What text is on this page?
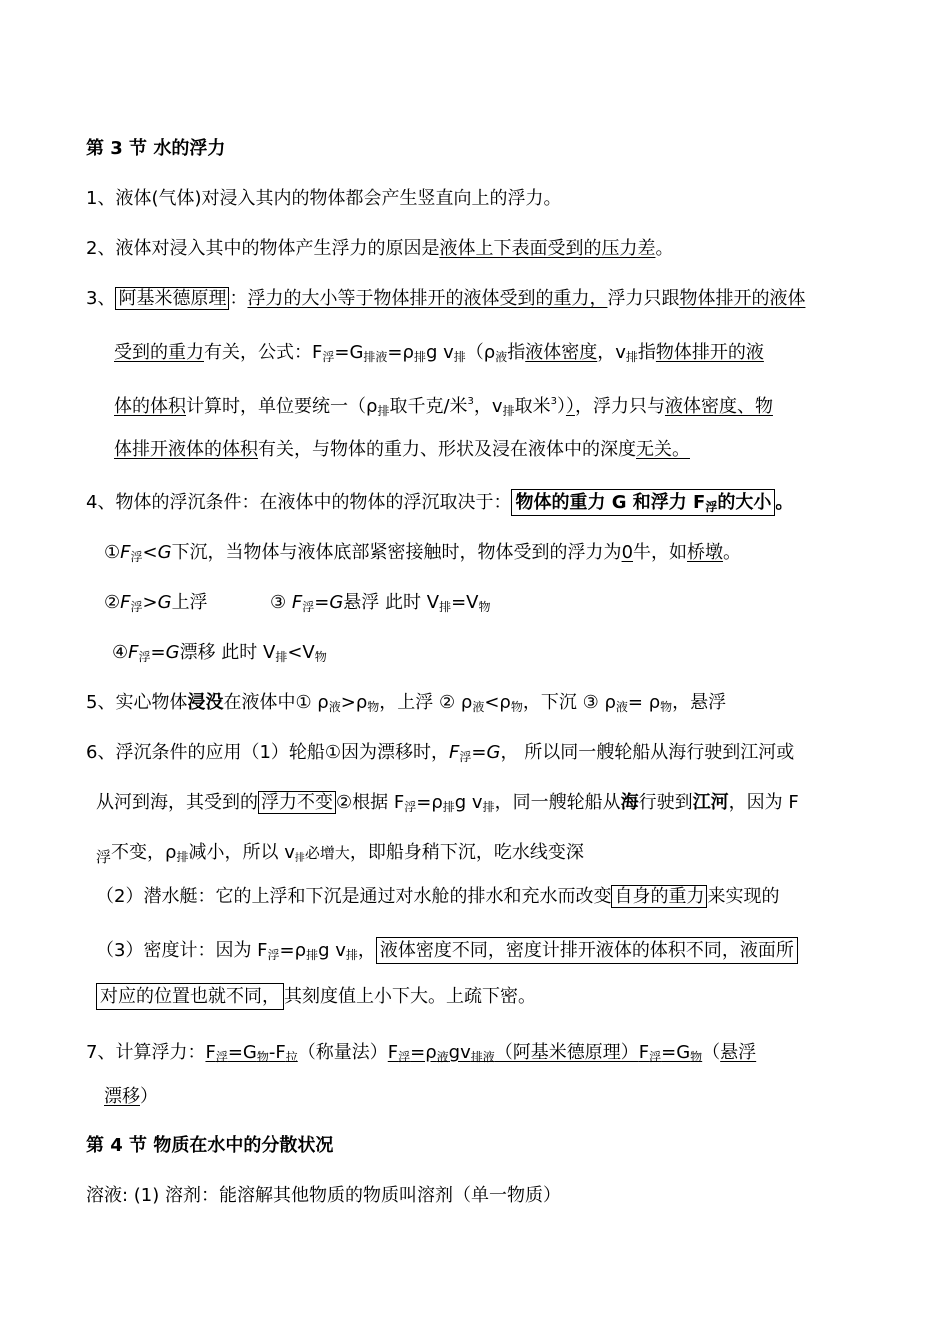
第 3 节 水的浮力
1、液体(气体)对浸入其内的物体都会产生竖直向上的浮力。
2、液体对浸入其中的物体产生浮力的原因是液体上下表面受到的压力差。
3、 阿基米德原理 ：浮力的大小等于物体排开的液体受到的重力，浮力只跟物体排开的液体
受到的重力有关，公式：$F_浮=G_{排液}=\rho_排g$ $v_排(\rho_液$指液体密度，$v_排$指物体排开的液
体的体积计算时，单位要统一（$\rho_排$取千克/米$^3$，$v_排$取米$^3$）），浮力只与液体密度、物
体排开液体的体积有关，与物体的重力、形状及浸在液体中的深度无关。
4、物体的浮沉条件：在液体中的物体的浮沉取决于： 物体的重力 G 和浮力 $F_浮$的大小 。
$①F_浮<G$下沉，当物体与液体底部紧密接触时，物体受到的浮力为0牛，如桥墩。
$②F_浮>G$上浮	③ $F_浮=G$悬浮 此时 $V_排=V_物$
$④F_浮=G$漂移 此时 $V_排<V_物$
5、实心物体浸没在液体中① $\rho_液>\rho_物$，上浮 ② $\rho_液<\rho_物$，下沉 ③ $\rho_液= \rho_物$，悬浮
6、浮沉条件的应用（1）轮船①因为漂移时，$F_浮=G$， 所以同一艘轮船从海行驶到江河或
从河到海，其受到的 浮力不变 ②根据 $F_浮=\rho_排g$ $v_排$，同一艘轮船从海行驶到江河，因为 F
$_浮$不变，$\rho_排$减小，所以 $v_排$必增大，即船身稍下沉，吃水线变深
（2）潜水艇：它的上浮和下沉是通过对水舱的排水和充水而改变 自身的重力 来实现的
（3）密度计：因为 $F_浮=\rho_排g$ $v_排$， 液体密度不同，密度计排开液体的体积不同，液面所
对应的位置也就不同， 其刻度值上小下大。上疏下密。
7、计算浮力：$F_浮=G_物-F_拉$（称量法）$F_浮=\rho_液gv_{排液}$（阿基米德原理）$F_浮=G_物$（悬浮
漂移）
第 4 节 物质在水中的分散状况
溶液: (1) 溶剂：能溶解其他物质的物质叫溶剂（单一物质）
